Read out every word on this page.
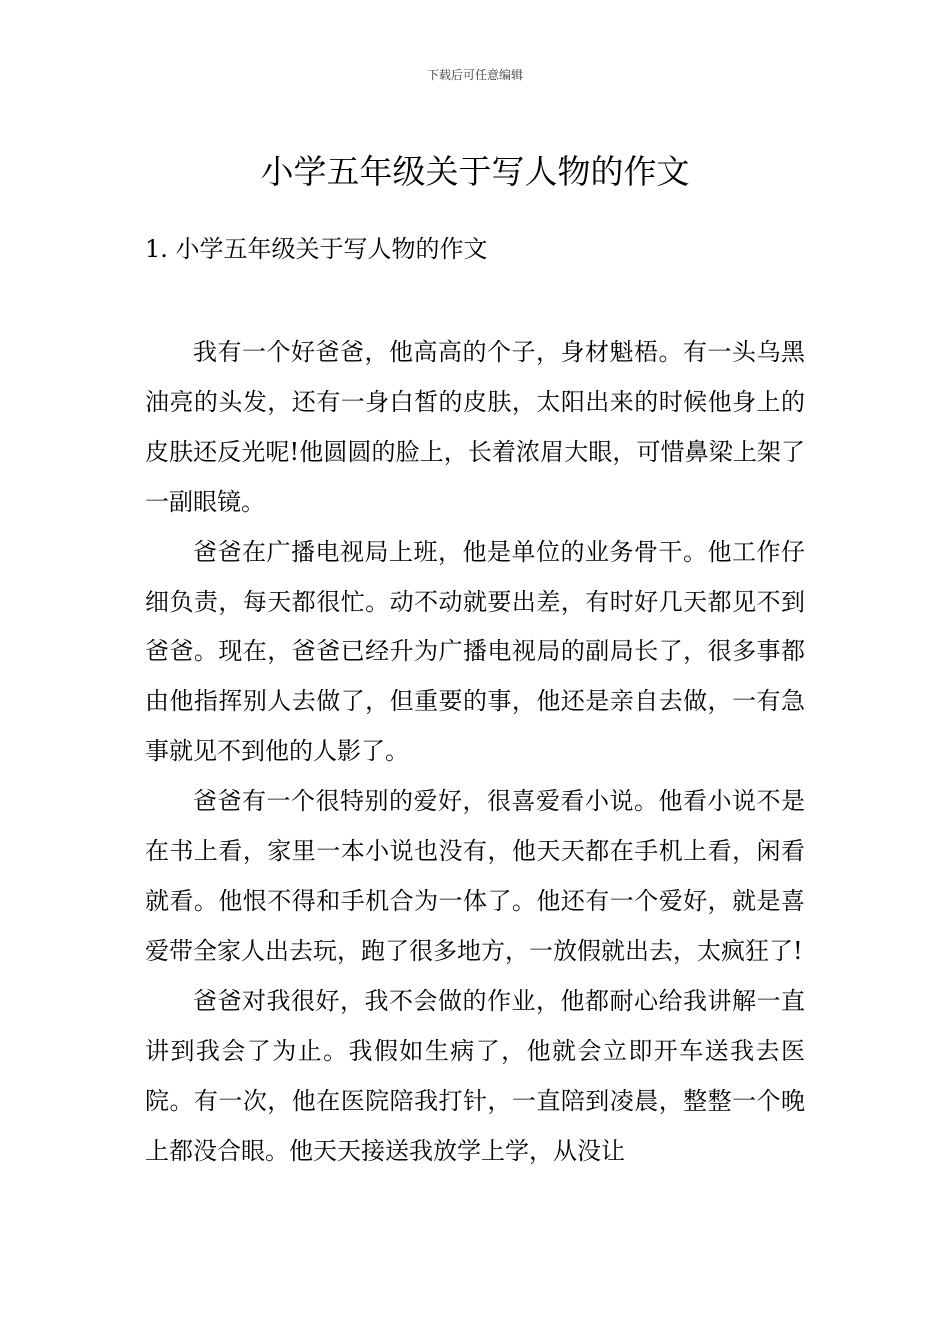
下载后可任意编辑
小学五年级关于写人物的作文
1. 小学五年级关于写人物的作文

我有一个好爸爸，他高高的个子，身材魁梧。有一头乌黑油亮的头发，还有一身白皙的皮肤，太阳出来的时候他身上的皮肤还反光呢!他圆圆的脸上，长着浓眉大眼，可惜鼻梁上架了一副眼镜。

爸爸在广播电视局上班，他是单位的业务骨干。他工作仔细负责，每天都很忙。动不动就要出差，有时好几天都见不到爸爸。现在，爸爸已经升为广播电视局的副局长了，很多事都由他指挥别人去做了，但重要的事，他还是亲自去做，一有急事就见不到他的人影了。

爸爸有一个很特别的爱好，很喜爱看小说。他看小说不是在书上看，家里一本小说也没有，他天天都在手机上看，闲看就看。他恨不得和手机合为一体了。他还有一个爱好，就是喜爱带全家人出去玩，跑了很多地方，一放假就出去，太疯狂了!

爸爸对我很好，我不会做的作业，他都耐心给我讲解一直讲到我会了为止。我假如生病了，他就会立即开车送我去医院。有一次，他在医院陪我打针，一直陪到凌晨，整整一个晚上都没合眼。他天天接送我放学上学，从没让
